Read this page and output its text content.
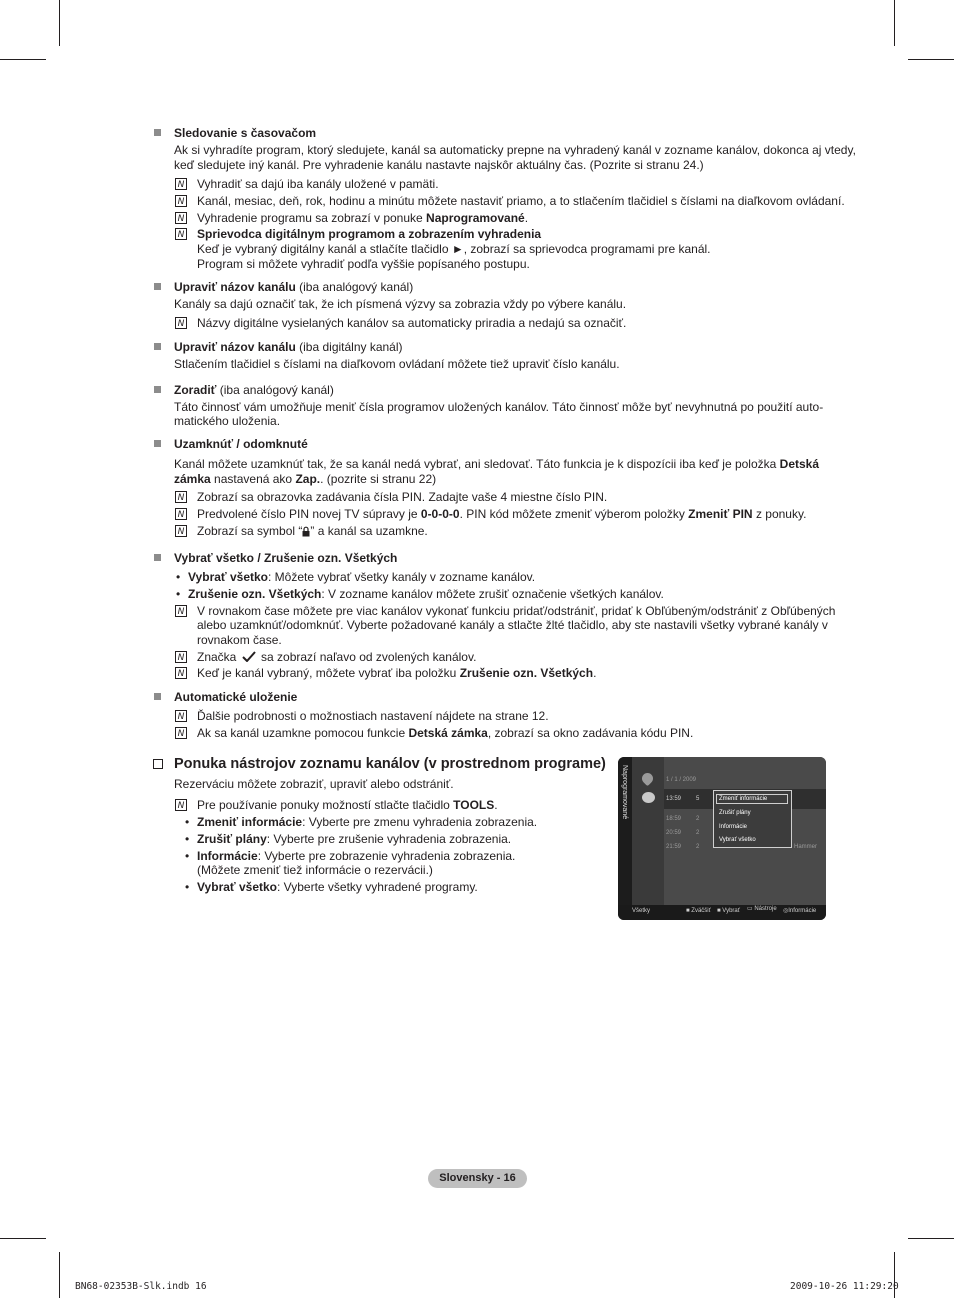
Sledovanie s časovačom
Ak si vyhradíte program, ktorý sledujete, kanál sa automaticky prepne na vyhradený kanál v zozname kanálov, dokonca aj vtedy,
keď sledujete iný kanál. Pre vyhradenie kanálu nastavte najskôr aktuálny čas. (Pozrite si stranu 24.)
N Vyhradiť sa dajú iba kanály uložené v pamäti.
N Kanál, mesiac, deň, rok, hodinu a minútu môžete nastaviť priamo, a to stlačením tlačidiel s číslami na diaľkovom ovládaní.
N Vyhradenie programu sa zobrazí v ponuke Naprogramované.
N Sprievodca digitálnym programom a zobrazením vyhradenia
Keď je vybraný digitálny kanál a stlačíte tlačidlo ►, zobrazí sa sprievodca programami pre kanál.
Program si môžete vyhradiť podľa vyššie popísaného postupu.
Upraviť názov kanálu (iba analógový kanál)
Kanály sa dajú označiť tak, že ich písmená výzvy sa zobrazia vždy po výbere kanálu.
N Názvy digitálne vysielaných kanálov sa automaticky priradia a nedajú sa označiť.
Upraviť názov kanálu (iba digitálny kanál)
Stlačením tlačidiel s číslami na diaľkovom ovládaní môžete tiež upraviť číslo kanálu.
Zoradiť (iba analógový kanál)
Táto činnosť vám umožňuje meniť čísla programov uložených kanálov. Táto činnosť môže byť nevyhnutná po použití auto-
matického uloženia.
Uzamknúť / odomknuté
Kanál môžete uzamknúť tak, že sa kanál nedá vybrať, ani sledovať. Táto funkcia je k dispozícii iba keď je položka Detská
zámka nastavená ako Zap.. (pozrite si stranu 22)
N Zobrazí sa obrazovka zadávania čísla PIN. Zadajte vaše 4 miestne číslo PIN.
N Predvolené číslo PIN novej TV súpravy je 0-0-0-0. PIN kód môžete zmeniť výberom položky Zmeniť PIN z ponuky.
N Zobrazí sa symbol “ ” a kanál sa uzamkne.
Vybrať všetko / Zrušenie ozn. Všetkých
• Vybrať všetko: Môžete vybrať všetky kanály v zozname kanálov.
• Zrušenie ozn. Všetkých: V zozname kanálov môžete zrušiť označenie všetkých kanálov.
N V rovnakom čase môžete pre viac kanálov vykonať funkciu pridať/odstrániť, pridať k Obľúbeným/odstrániť z Obľúbených
alebo uzamknúť/odomknúť. Vyberte požadované kanály a stlačte žlté tlačidlo, aby ste nastavili všetky vybrané kanály v
rovnakom čase.
N Značka  sa zobrazí naľavo od zvolených kanálov.
N Keď je kanál vybraný, môžete vybrať iba položku Zrušenie ozn. Všetkých.
Automatické uloženie
N Ďalšie podrobnosti o možnostiach nastavení nájdete na strane 12.
N Ak sa kanál uzamkne pomocou funkcie Detská zámka, zobrazí sa okno zadávania kódu PIN.
Ponuka nástrojov zoznamu kanálov (v prostrednom programe)
Rezerváciu môžete zobraziť, upraviť alebo odstrániť.
N Pre používanie ponuky možností stlačte tlačidlo TOOLS.
• Zmeniť informácie: Vyberte pre zmenu vyhradenia zobrazenia.
• Zrušiť plány: Vyberte pre zrušenie vyhradenia zobrazenia.
• Informácie: Vyberte pre zobrazenie vyhradenia zobrazenia.
(Môžete zmeniť tiež informácie o rezervácii.)
• Vybrať všetko: Vyberte všetky vyhradené programy.
Naprogramované	1 / 1 / 2009
13:59 5
18:59 2
20:59 2
21:59 2	Hammer
Zmeniť informácie
Zrušiť plány
Informácie
Vybrať všetko
Všetky	■ Zväčšiť ■ Vybrať ▭ Nástroje ◎Informácie
Slovensky - 16
BN68-02353B-Slk.indb 16	2009-10-26 11:29:20
